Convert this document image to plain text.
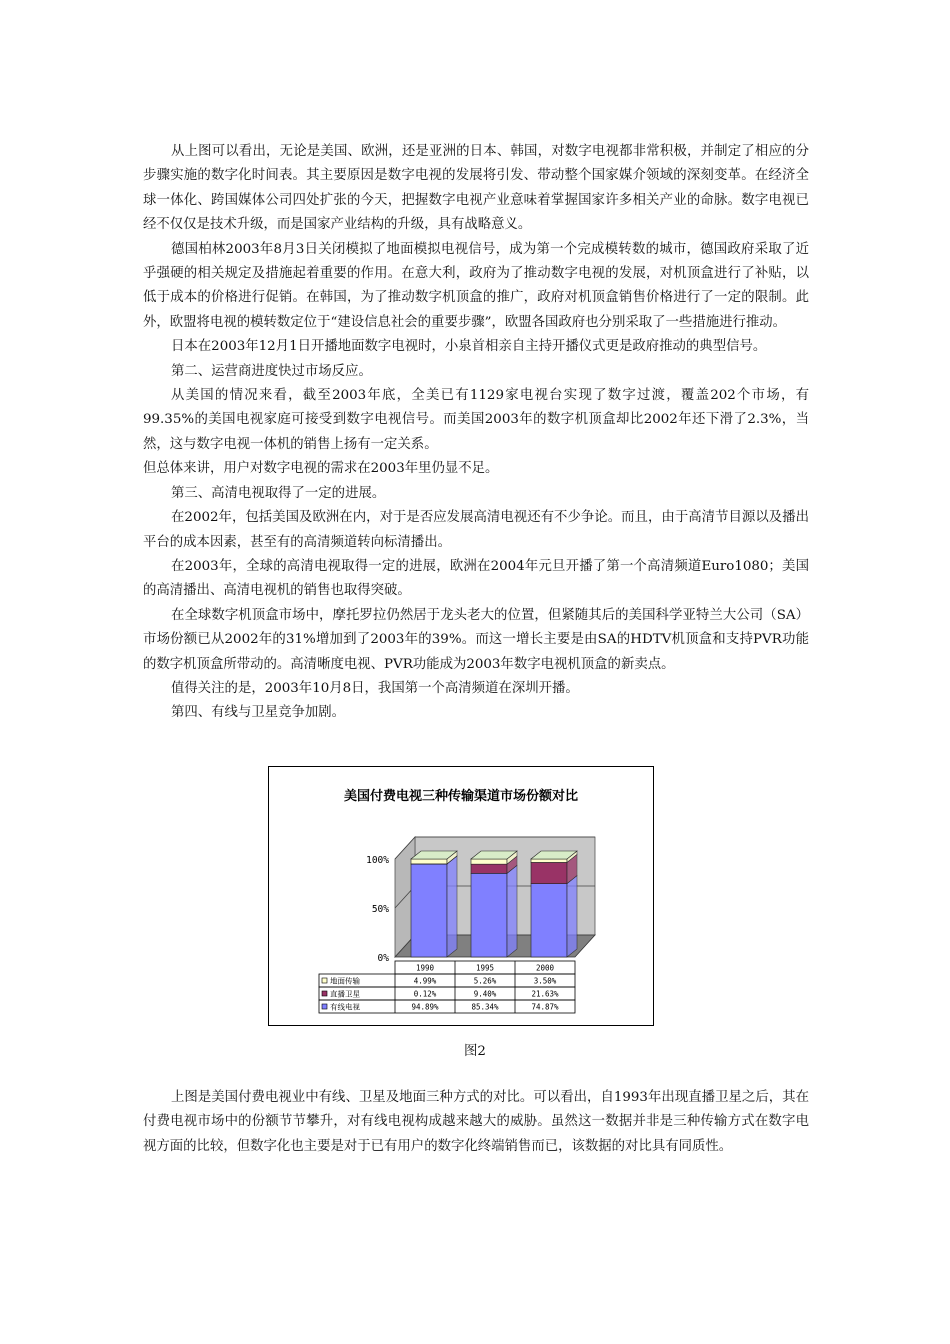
从上图可以看出，无论是美国、欧洲，还是亚洲的日本、韩国，对数字电视都非常积极，并制定了相应的分步骤实施的数字化时间表。其主要原因是数字电视的发展将引发、带动整个国家媒介领域的深刻变革。在经济全球一体化、跨国媒体公司四处扩张的今天，把握数字电视产业意味着掌握国家许多相关产业的命脉。数字电视已经不仅仅是技术升级，而是国家产业结构的升级，具有战略意义。

德国柏林2003年8月3日关闭模拟了地面模拟电视信号，成为第一个完成模转数的城市，德国政府采取了近乎强硬的相关规定及措施起着重要的作用。在意大利，政府为了推动数字电视的发展，对机顶盒进行了补贴，以低于成本的价格进行促销。在韩国，为了推动数字机顶盒的推广，政府对机顶盒销售价格进行了一定的限制。此外，欧盟将电视的模转数定位于“建设信息社会的重要步骤”，欧盟各国政府也分别采取了一些措施进行推动。

日本在2003年12月1日开播地面数字电视时，小泉首相亲自主持开播仪式更是政府推动的典型信号。

第二、运营商进度快过市场反应。

从美国的情况来看，截至2003年底，全美已有1129家电视台实现了数字过渡，覆盖202个市场，有99.35%的美国电视家庭可接受到数字电视信号。而美国2003年的数字机顶盒却比2002年还下滑了2.3%，当然，这与数字电视一体机的销售上扬有一定关系。

但总体来讲，用户对数字电视的需求在2003年里仍显不足。

第三、高清电视取得了一定的进展。

在2002年，包括美国及欧洲在内，对于是否应发展高清电视还有不少争论。而且，由于高清节目源以及播出平台的成本因素，甚至有的高清频道转向标清播出。

在2003年，全球的高清电视取得一定的进展，欧洲在2004年元旦开播了第一个高清频道Euro1080；美国的高清播出、高清电视机的销售也取得突破。

在全球数字机顶盒市场中，摩托罗拉仍然居于龙头老大的位置，但紧随其后的美国科学亚特兰大公司（SA）市场份额已从2002年的31%增加到了2003年的39%。而这一增长主要是由SA的HDTV机顶盒和支持PVR功能的数字机顶盒所带动的。高清晰度电视、PVR功能成为2003年数字电视机顶盒的新卖点。

值得关注的是，2003年10月8日，我国第一个高清频道在深圳开播。

第四、有线与卫星竞争加剧。

美国付费电视三种传输渠道市场份额对比
0%
50%
100%
1990	1995	2000
地面传输	4.99%	5.26%	3.50%
直播卫星	0.12%	9.40%	21.63%
有线电视	94.89%	85.34%	74.87%
图2

上图是美国付费电视业中有线、卫星及地面三种方式的对比。可以看出，自1993年出现直播卫星之后，其在付费电视市场中的份额节节攀升，对有线电视构成越来越大的威胁。虽然这一数据并非是三种传输方式在数字电视方面的比较，但数字化也主要是对于已有用户的数字化终端销售而已，该数据的对比具有同质性。
